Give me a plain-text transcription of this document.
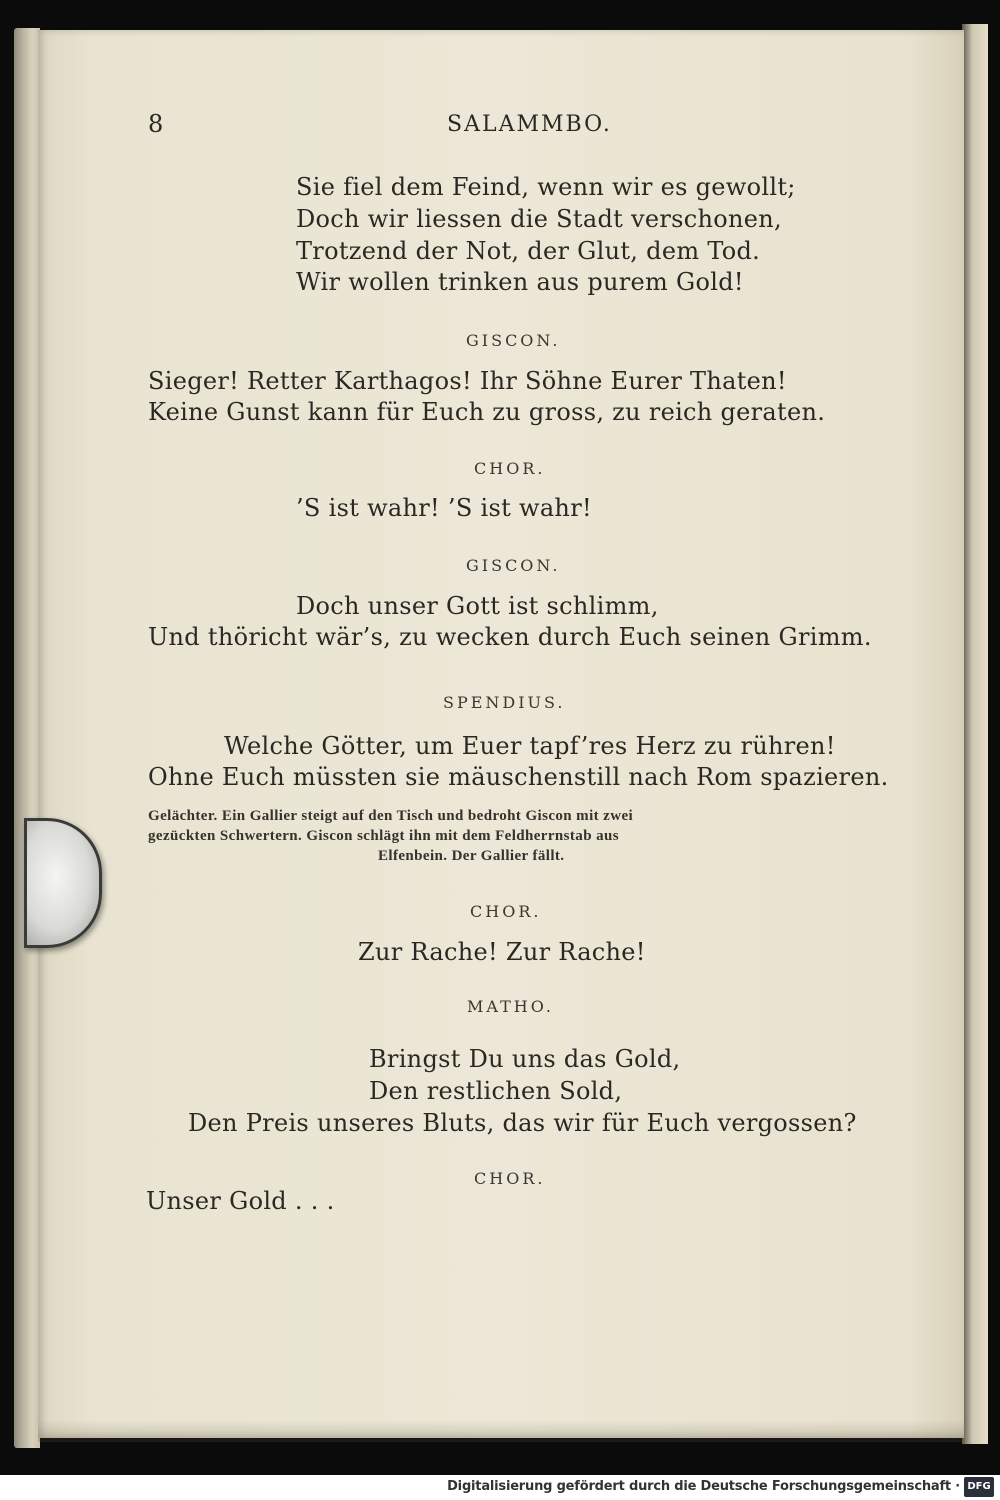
8	SALAMMBO.
Sie fiel dem Feind, wenn wir es gewollt;
Doch wir liessen die Stadt verschonen,
Trotzend der Not, der Glut, dem Tod.
Wir wollen trinken aus purem Gold!
GISCON.
Sieger! Retter Karthagos! Ihr Söhne Eurer Thaten!
Keine Gunst kann für Euch zu gross, zu reich geraten.
CHOR.
’S ist wahr! ’S ist wahr!
GISCON.
Doch unser Gott ist schlimm,
Und thöricht wär’s, zu wecken durch Euch seinen Grimm.
SPENDIUS.
Welche Götter, um Euer tapf’res Herz zu rühren!
Ohne Euch müssten sie mäuschenstill nach Rom spazieren.
Gelächter. Ein Gallier steigt auf den Tisch und bedroht Giscon mit zwei
gezückten Schwertern. Giscon schlägt ihn mit dem Feldherrnstab aus
Elfenbein. Der Gallier fällt.
CHOR.
Zur Rache! Zur Rache!
MATHO.
Bringst Du uns das Gold,
Den restlichen Sold,
Den Preis unseres Bluts, das wir für Euch vergossen?
CHOR.
Unser Gold . . .
Digitalisierung gefördert durch die Deutsche Forschungsgemeinschaft · DFG
